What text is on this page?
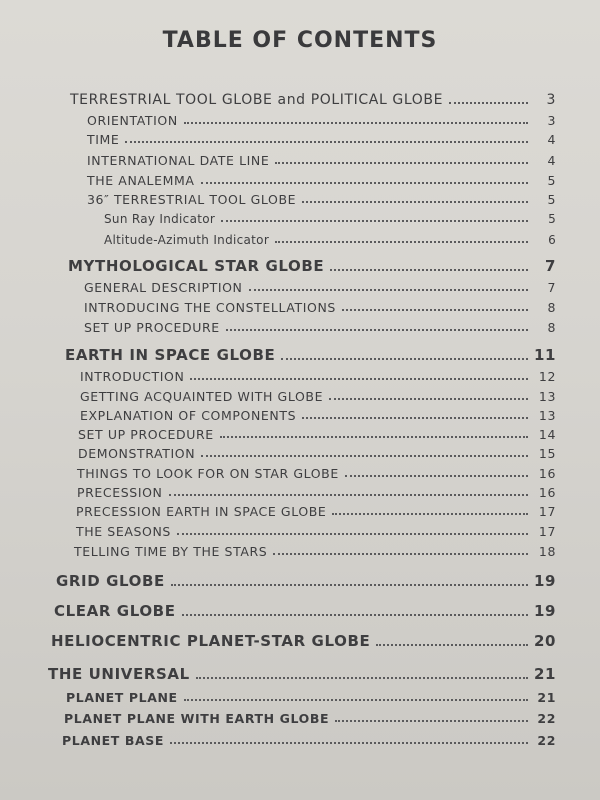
TABLE OF CONTENTS
TERRESTRIAL TOOL GLOBE and POLITICAL GLOBE	3
ORIENTATION	3
TIME	4
INTERNATIONAL DATE LINE	4
THE ANALEMMA	5
36″ TERRESTRIAL TOOL GLOBE	5
Sun Ray Indicator	5
Altitude-Azimuth Indicator	6
MYTHOLOGICAL STAR GLOBE	7
GENERAL DESCRIPTION	7
INTRODUCING THE CONSTELLATIONS	8
SET UP PROCEDURE	8
EARTH IN SPACE GLOBE	11
INTRODUCTION	12
GETTING ACQUAINTED WITH GLOBE	13
EXPLANATION OF COMPONENTS	13
SET UP PROCEDURE	14
DEMONSTRATION	15
THINGS TO LOOK FOR ON STAR GLOBE	16
PRECESSION	16
PRECESSION EARTH IN SPACE GLOBE	17
THE SEASONS	17
TELLING TIME BY THE STARS	18
GRID GLOBE	19
CLEAR GLOBE	19
HELIOCENTRIC PLANET-STAR GLOBE	20
THE UNIVERSAL	21
PLANET PLANE	21
PLANET PLANE WITH EARTH GLOBE	22
PLANET BASE	22
